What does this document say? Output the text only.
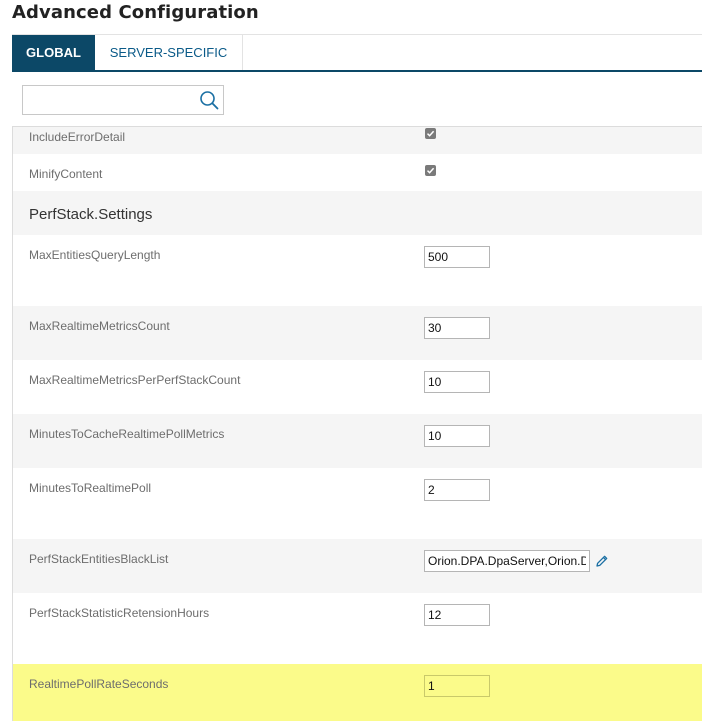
Advanced Configuration
GLOBAL	SERVER-SPECIFIC
IncludeErrorDetail
MinifyContent
PerfStack.Settings
MaxEntitiesQueryLength
500
MaxRealtimeMetricsCount
30
MaxRealtimeMetricsPerPerfStackCount
10
MinutesToCacheRealtimePollMetrics
10
MinutesToRealtimePoll
2
PerfStackEntitiesBlackList
Orion.DPA.DpaServer,Orion.DPA.Database
PerfStackStatisticRetensionHours
12
RealtimePollRateSeconds
1
